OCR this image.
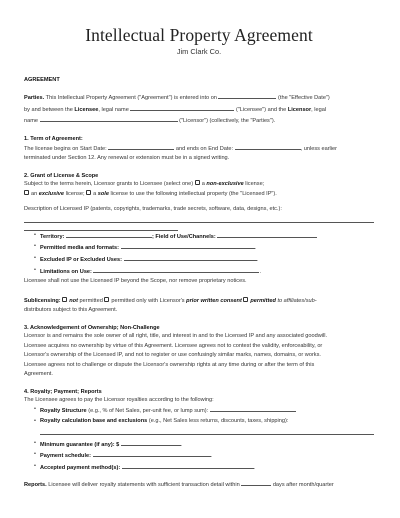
Intellectual Property Agreement
Jim Clark Co.
AGREEMENT

Parties. This Intellectual Property Agreement ("Agreement") is entered into on	(the "Effective Date")
by and between the Licensee, legal name	("Licensee") and the Licensor, legal
name	("Licensor") (collectively, the "Parties").

1. Term of Agreement:

The license begins on Start Date:	and ends on End Date:	, unless earlier
terminated under Section 12. Any renewal or extension must be in a signed writing.

2. Grant of License & Scope

Subject to the terms herein, Licensor grants to Licensee (select one) a non-exclusive license;
an exclusive license; a sole license to use the following intellectual property (the "Licensed IP").

Description of Licensed IP (patents, copyrights, trademarks, trade secrets, software, data, designs, etc.):

• Territory:	; Field of Use/Channels:
• Permitted media and formats:	.
• Excluded IP or Excluded Uses:	.
• Limitations on Use:	.

Licensee shall not use the Licensed IP beyond the Scope, nor remove proprietary notices.

Sublicensing: not permitted permitted only with Licensor's prior written consent permitted to affiliates/sub-
distributors subject to this Agreement.

3. Acknowledgement of Ownership; Non-Challenge

Licensor is and remains the sole owner of all right, title, and interest in and to the Licensed IP and any associated goodwill.
Licensee acquires no ownership by virtue of this Agreement. Licensee agrees not to contest the validity, enforceability, or
Licensor's ownership of the Licensed IP, and not to register or use confusingly similar marks, names, domains, or works.
Licensee agrees not to challenge or dispute the Licensor's ownership rights at any time during or after the term of this
Agreement.

4. Royalty; Payment; Reports

The Licensee agrees to pay the Licensor royalties according to the following:

• Royalty Structure (e.g., % of Net Sales, per-unit fee, or lump sum):
• Royalty calculation base and exclusions (e.g., Net Sales less returns, discounts, taxes, shipping):
• Minimum guarantee (if any): $	.
• Payment schedule:	.
• Accepted payment method(s):	.

Reports. Licensee will deliver royalty statements with sufficient transaction detail within	days after month/quarter
